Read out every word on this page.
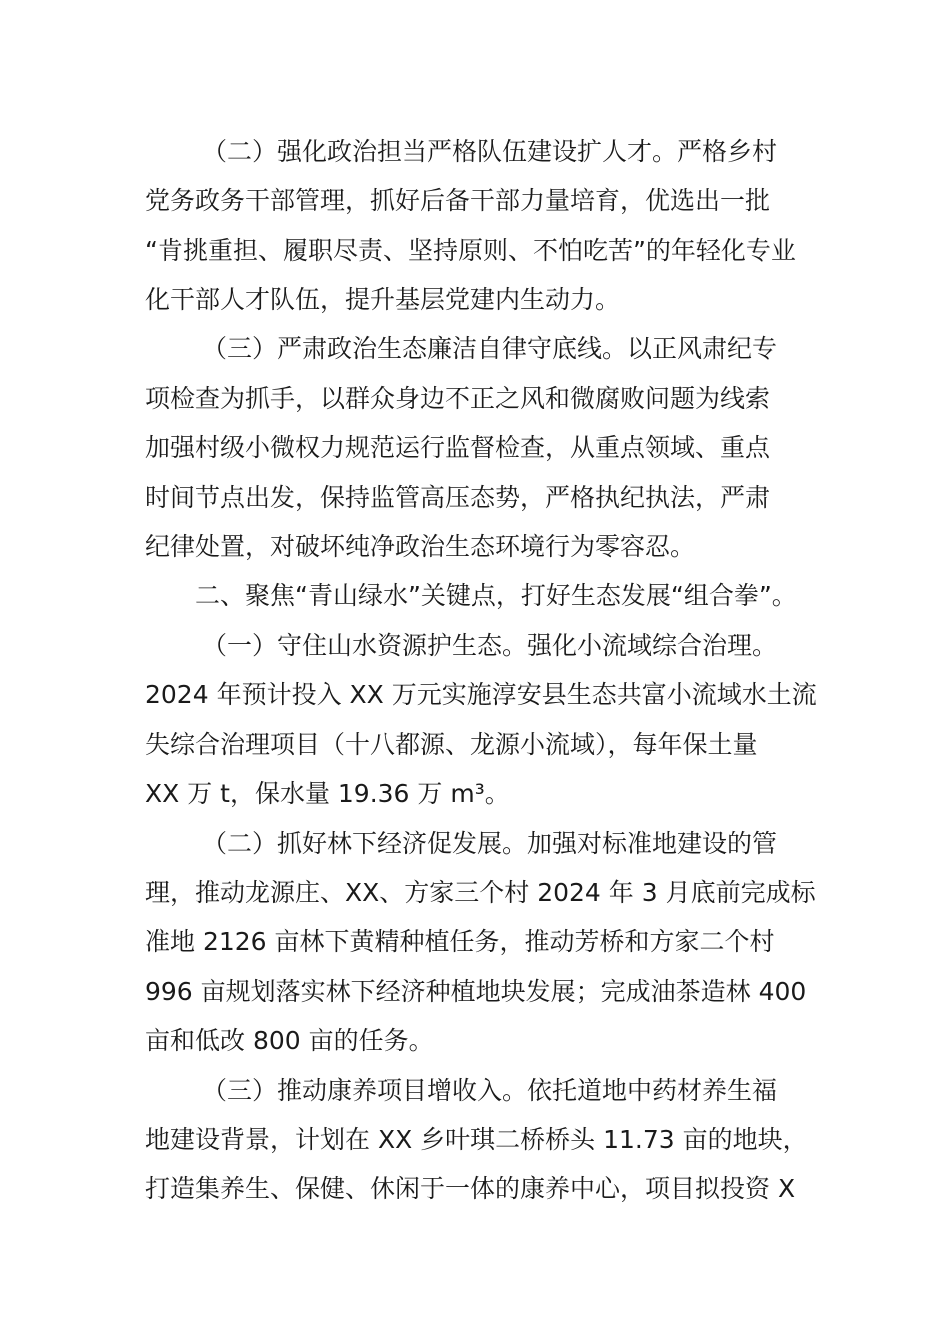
（二）强化政治担当严格队伍建设扩人才。严格乡村
党务政务干部管理，抓好后备干部力量培育，优选出一批
“肯挑重担、履职尽责、坚持原则、不怕吃苦”的年轻化专业
化干部人才队伍，提升基层党建内生动力。
（三）严肃政治生态廉洁自律守底线。以正风肃纪专
项检查为抓手，以群众身边不正之风和微腐败问题为线索
加强村级小微权力规范运行监督检查，从重点领域、重点
时间节点出发，保持监管高压态势，严格执纪执法，严肃
纪律处置，对破坏纯净政治生态环境行为零容忍。
二、聚焦“青山绿水”关键点，打好生态发展“组合拳”。
（一）守住山水资源护生态。强化小流域综合治理。
2024 年预计投入 XX 万元实施淳安县生态共富小流域水土流
失综合治理项目（十八都源、龙源小流域），每年保土量
XX 万 t，保水量 19.36 万 m³。
（二）抓好林下经济促发展。加强对标准地建设的管
理，推动龙源庄、XX、方家三个村 2024 年 3 月底前完成标
准地 2126 亩林下黄精种植任务，推动芳桥和方家二个村
996 亩规划落实林下经济种植地块发展；完成油茶造林 400
亩和低改 800 亩的任务。
（三）推动康养项目增收入。依托道地中药材养生福
地建设背景，计划在 XX 乡叶琪二桥桥头 11.73 亩的地块，
打造集养生、保健、休闲于一体的康养中心，项目拟投资 X
